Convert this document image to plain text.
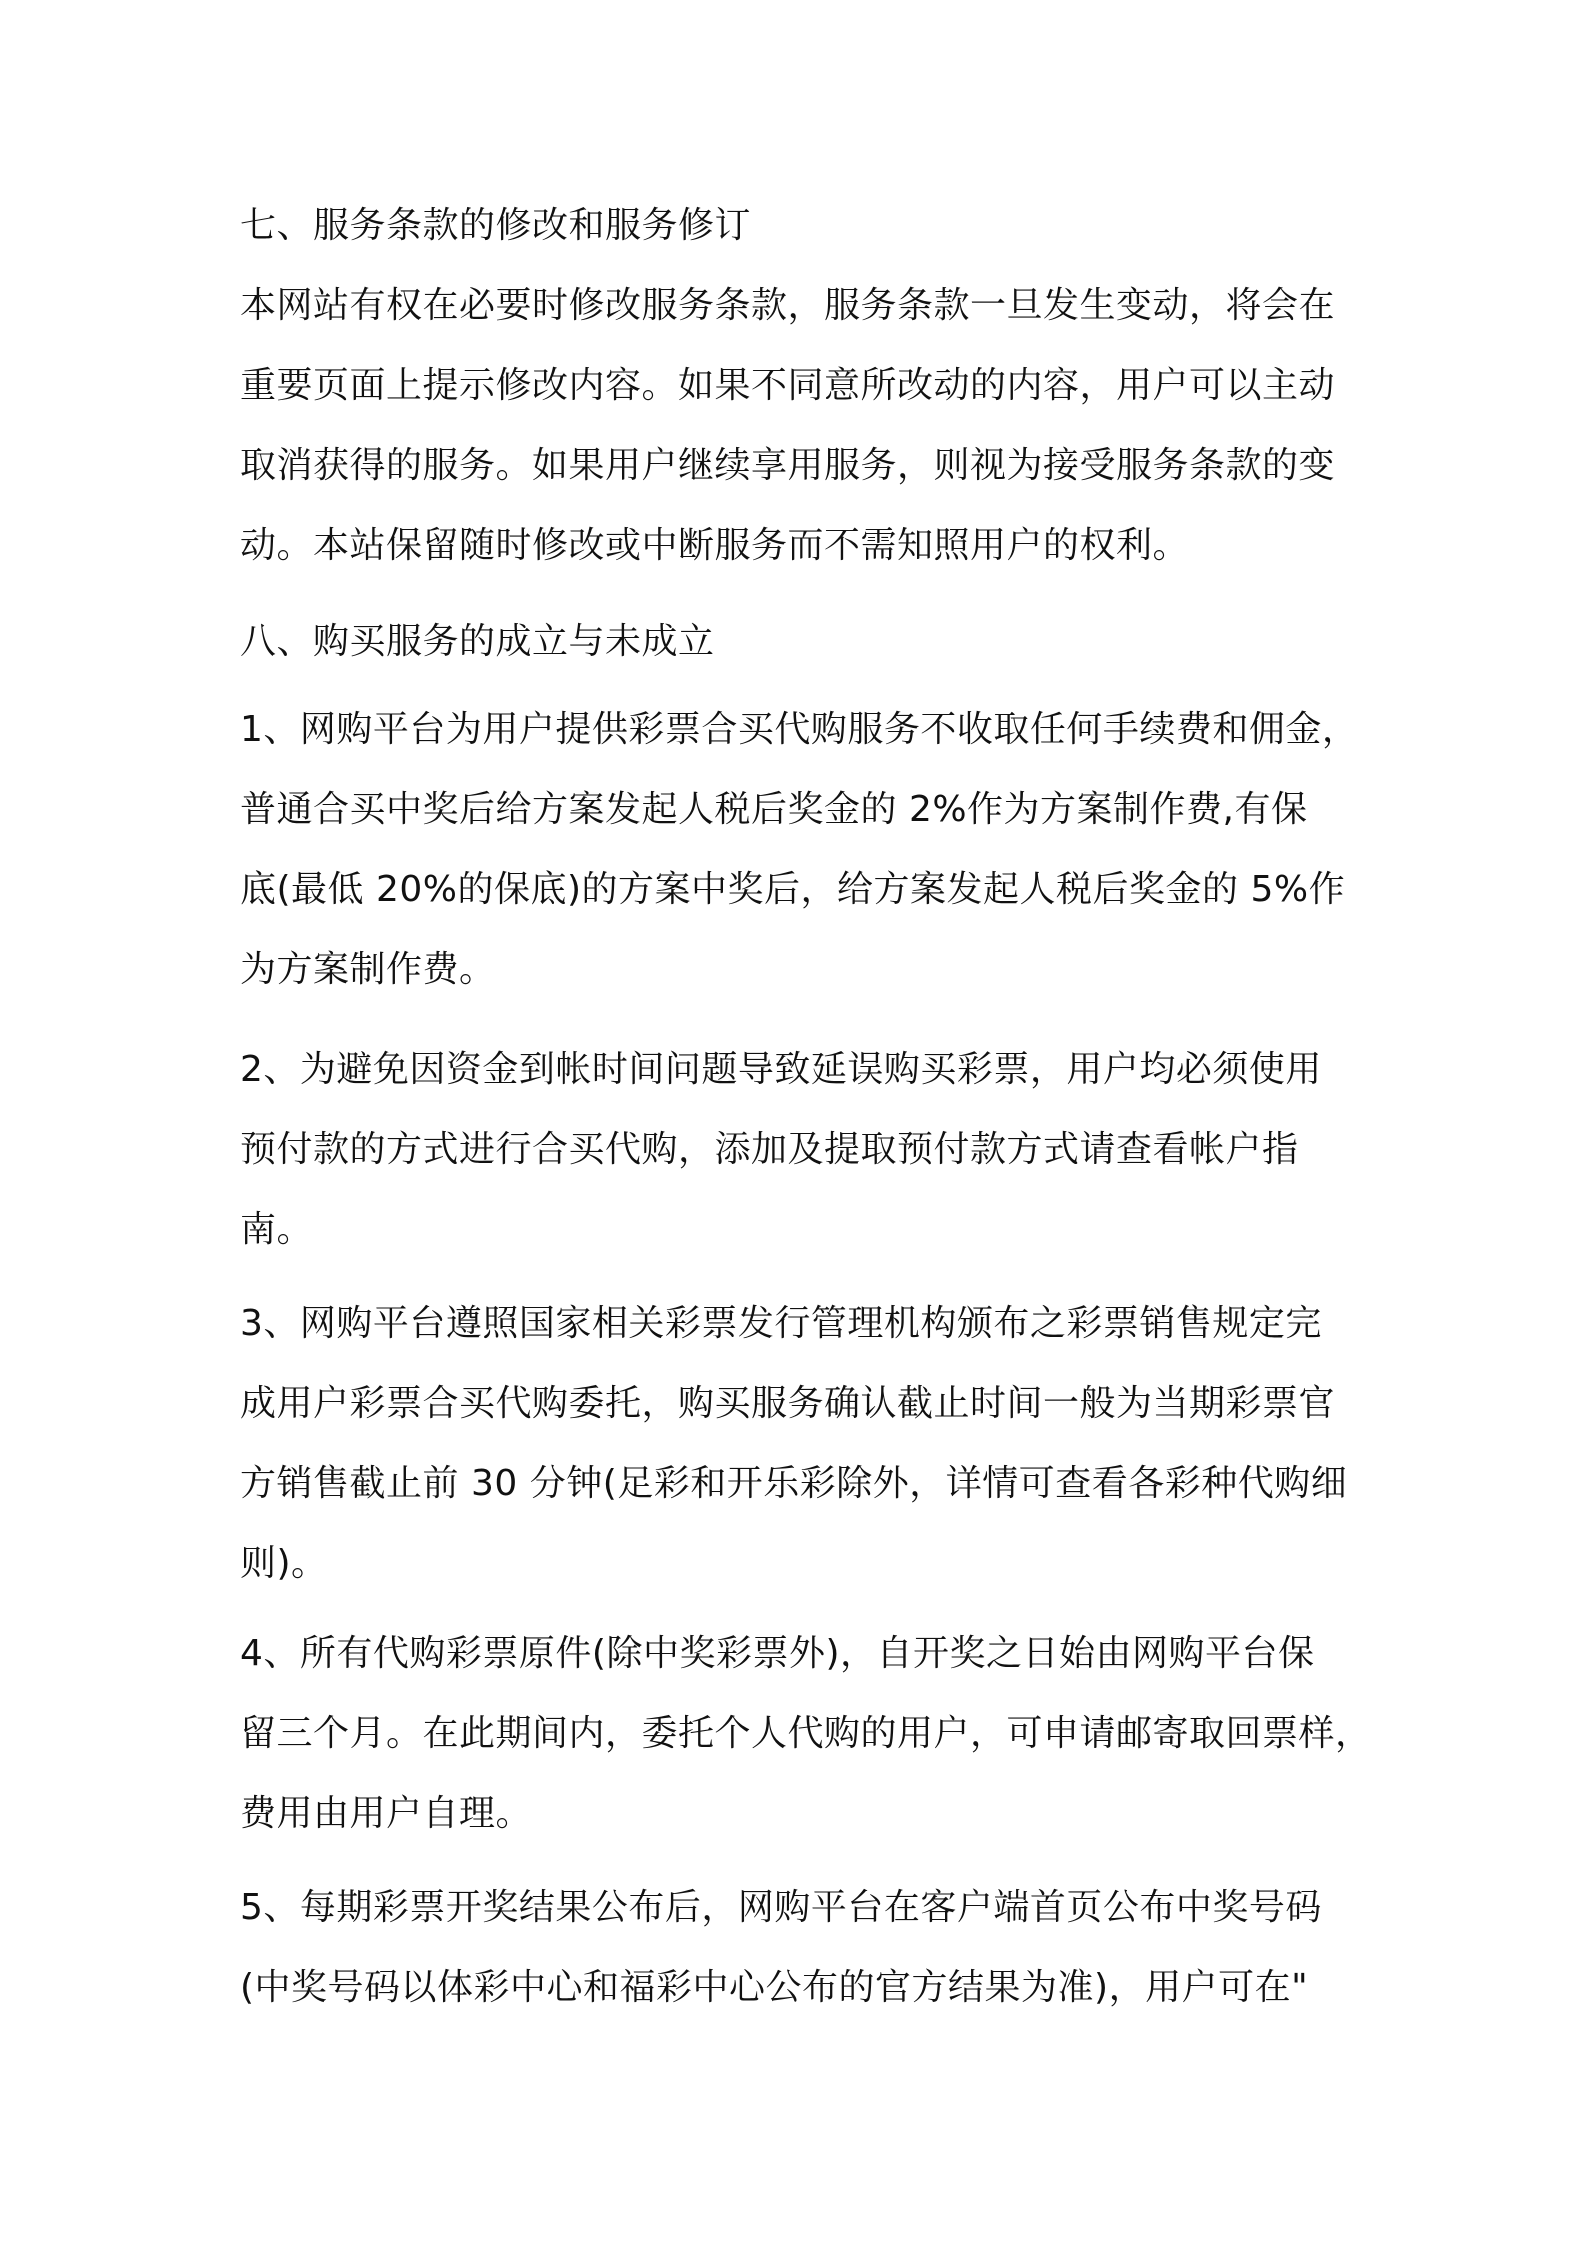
七、服务条款的修改和服务修订
本网站有权在必要时修改服务条款，服务条款一旦发生变动，将会在
重要页面上提示修改内容。如果不同意所改动的内容，用户可以主动
取消获得的服务。如果用户继续享用服务，则视为接受服务条款的变
动。本站保留随时修改或中断服务而不需知照用户的权利。
八、购买服务的成立与未成立
1、网购平台为用户提供彩票合买代购服务不收取任何手续费和佣金，
普通合买中奖后给方案发起人税后奖金的 2%作为方案制作费,有保
底(最低 20%的保底)的方案中奖后，给方案发起人税后奖金的 5%作
为方案制作费。
2、为避免因资金到帐时间问题导致延误购买彩票，用户均必须使用
预付款的方式进行合买代购，添加及提取预付款方式请查看帐户指
南。
3、网购平台遵照国家相关彩票发行管理机构颁布之彩票销售规定完
成用户彩票合买代购委托，购买服务确认截止时间一般为当期彩票官
方销售截止前 30 分钟(足彩和开乐彩除外，详情可查看各彩种代购细
则)。
4、所有代购彩票原件(除中奖彩票外)，自开奖之日始由网购平台保
留三个月。在此期间内，委托个人代购的用户，可申请邮寄取回票样，
费用由用户自理。
5、每期彩票开奖结果公布后，网购平台在客户端首页公布中奖号码
(中奖号码以体彩中心和福彩中心公布的官方结果为准)，用户可在"
